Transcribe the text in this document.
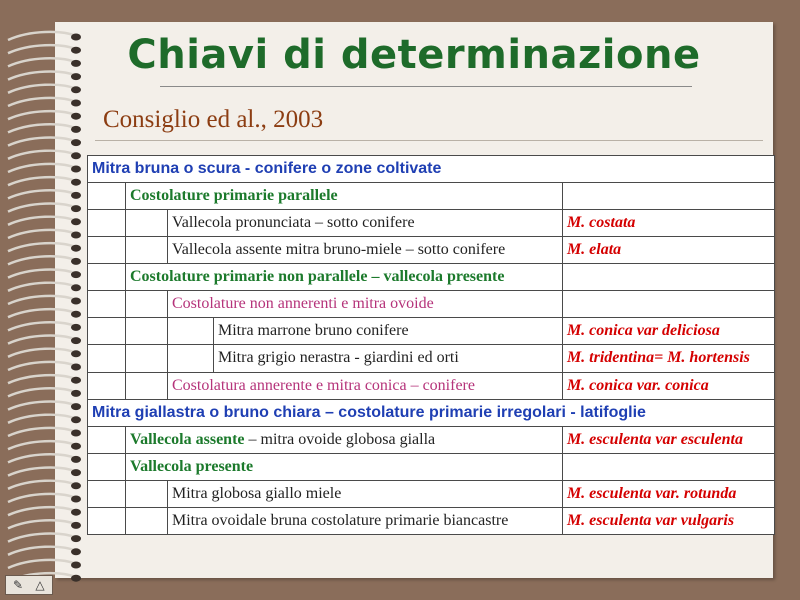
Chiavi di determinazione
Consiglio ed al., 2003
Mitra bruna o scura - conifere o zone coltivate				
	Costolature primarie parallele			
		Vallecola pronunciata – sotto conifere		M. costata
		Vallecola assente mitra bruno-miele – sotto conifere		M. elata
	Costolature primarie non parallele – vallecola presente			
		Costolature non annerenti e mitra ovoide		
			Mitra marrone bruno conifere	M. conica var deliciosa
			Mitra grigio nerastra - giardini ed orti	M. tridentina= M. hortensis
		Costolatura annerente e mitra conica – conifere		M. conica var. conica
Mitra giallastra o bruno chiara – costolature primarie irregolari - latifoglie				
	Vallecola assente – mitra ovoide globosa gialla			M. esculenta var esculenta
	Vallecola presente			
		Mitra globosa giallo miele		M. esculenta var. rotunda
		Mitra ovoidale bruna costolature primarie biancastre		M. esculenta var vulgaris
✎	△
